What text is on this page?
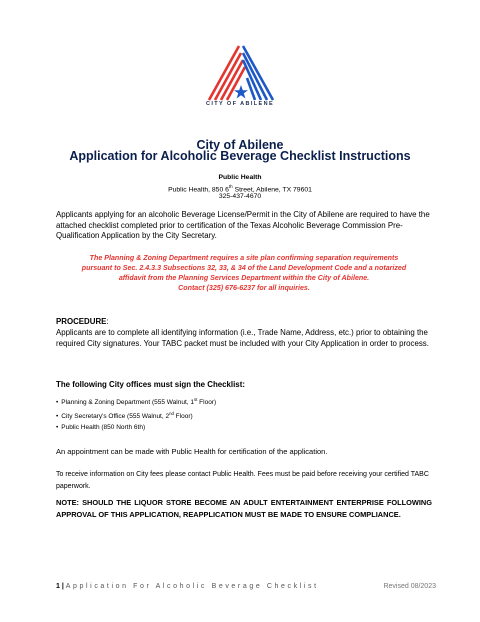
CITY OF ABILENE
City of Abilene
Application for Alcoholic Beverage Checklist Instructions
Public Health
Public Health, 850 6th Street, Abilene, TX 79601
325-437-4670
Applicants applying for an alcoholic Beverage License/Permit in the City of Abilene are required to have the attached checklist completed prior to certification of the Texas Alcoholic Beverage Commission Pre- Qualification Application by the City Secretary.
The Planning & Zoning Department requires a site plan confirming separation requirements
pursuant to Sec. 2.4.3.3 Subsections 32, 33, & 34 of the Land Development Code and a notarized
affidavit from the Planning Services Department within the City of Abilene.
Contact (325) 676-6237 for all inquiries.
PROCEDURE:
Applicants are to complete all identifying information (i.e., Trade Name, Address, etc.) prior to obtaining the required City signatures. Your TABC packet must be included with your City Application in order to process.
The following City offices must sign the Checklist:
• Planning & Zoning Department (555 Walnut, 1st Floor)
• City Secretary's Office (555 Walnut, 2nd Floor)
• Public Health (850 North 6th)
An appointment can be made with Public Health for certification of the application.
To receive information on City fees please contact Public Health. Fees must be paid before receiving your certified TABC paperwork.
NOTE: SHOULD THE LIQUOR STORE BECOME AN ADULT ENTERTAINMENT ENTERPRISE FOLLOWING APPROVAL OF THIS APPLICATION, REAPPLICATION MUST BE MADE TO ENSURE COMPLIANCE.
1 | Application For Alcoholic Beverage Checklist	Revised 08/2023
